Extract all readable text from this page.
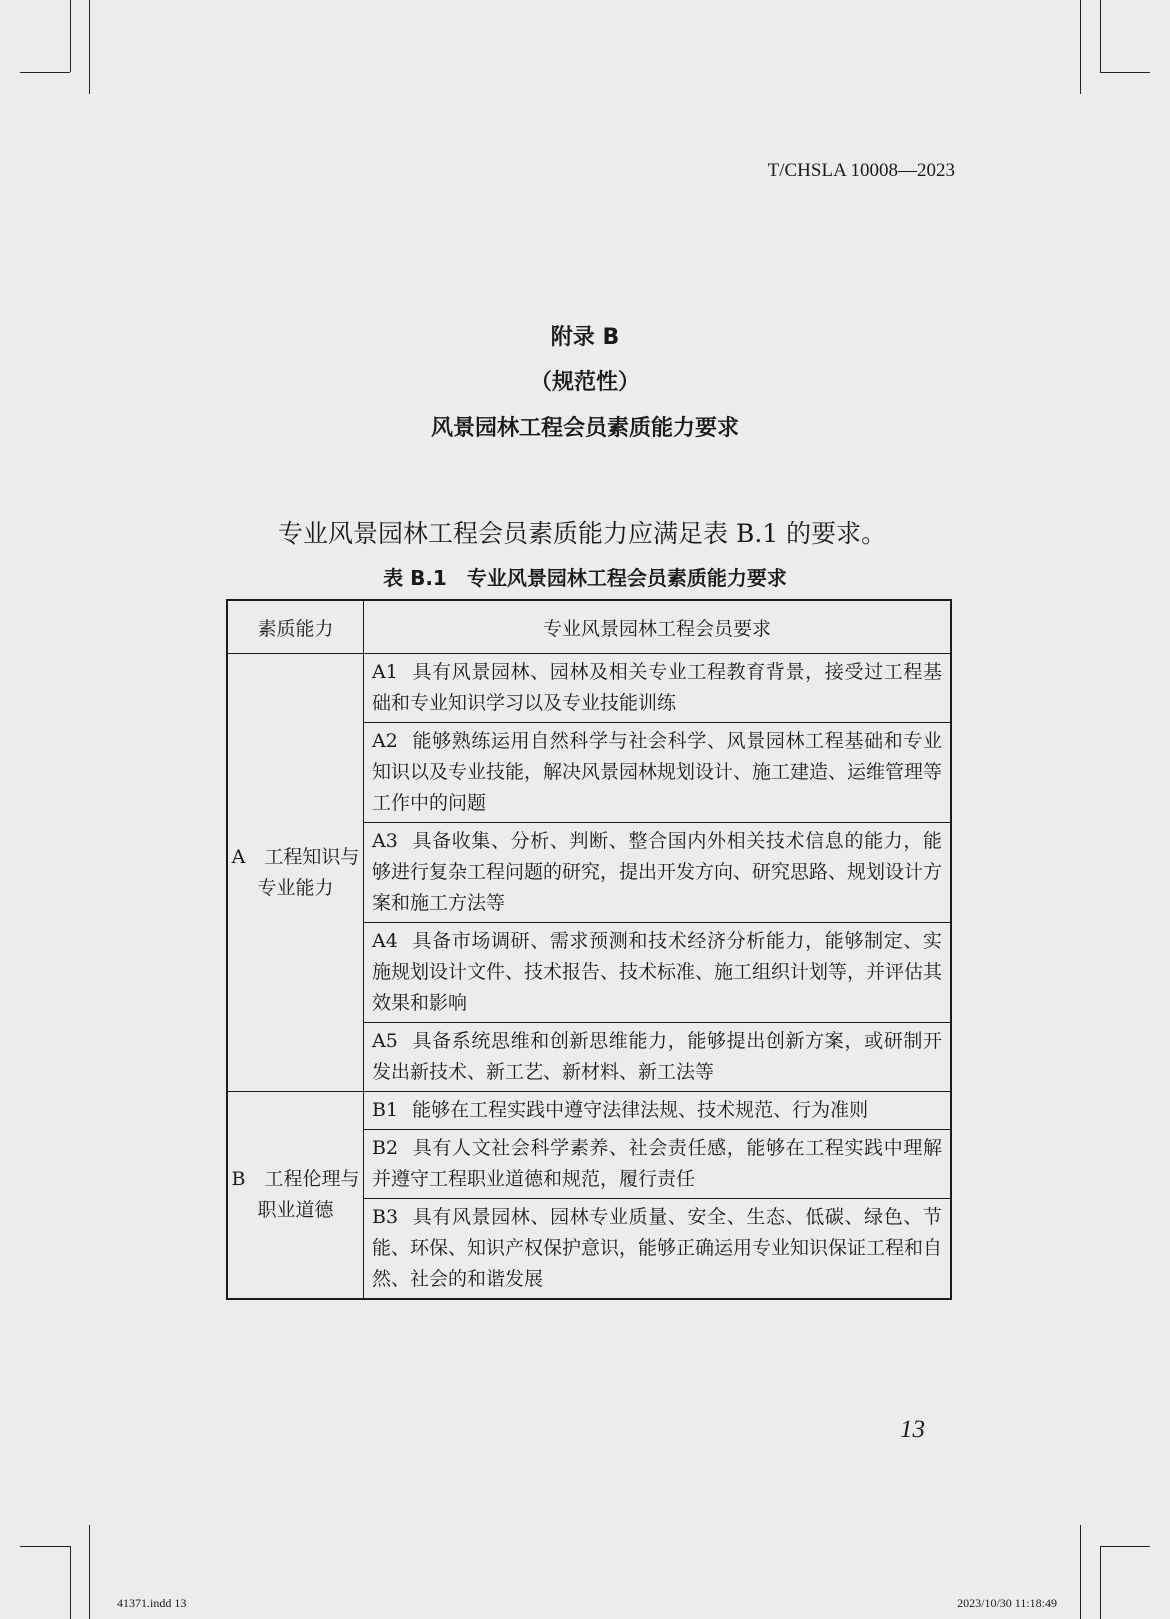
T/CHSLA 10008—2023
附录 B
（规范性）
风景园林工程会员素质能力要求
专业风景园林工程会员素质能力应满足表 B.1 的要求。
表 B.1　专业风景园林工程会员素质能力要求
素质能力	专业风景园林工程会员要求
A　工程知识与专业能力	A1 具有风景园林、园林及相关专业工程教育背景，接受过工程基础和专业知识学习以及专业技能训练
	A2 能够熟练运用自然科学与社会科学、风景园林工程基础和专业知识以及专业技能，解决风景园林规划设计、施工建造、运维管理等工作中的问题
	A3 具备收集、分析、判断、整合国内外相关技术信息的能力，能够进行复杂工程问题的研究，提出开发方向、研究思路、规划设计方案和施工方法等
	A4 具备市场调研、需求预测和技术经济分析能力，能够制定、实施规划设计文件、技术报告、技术标准、施工组织计划等，并评估其效果和影响
	A5 具备系统思维和创新思维能力，能够提出创新方案，或研制开发出新技术、新工艺、新材料、新工法等
B　工程伦理与职业道德	B1 能够在工程实践中遵守法律法规、技术规范、行为准则
	B2 具有人文社会科学素养、社会责任感，能够在工程实践中理解并遵守工程职业道德和规范，履行责任
	B3 具有风景园林、园林专业质量、安全、生态、低碳、绿色、节能、环保、知识产权保护意识，能够正确运用专业知识保证工程和自然、社会的和谐发展
13
41371.indd 13	2023/10/30 11:18:49
